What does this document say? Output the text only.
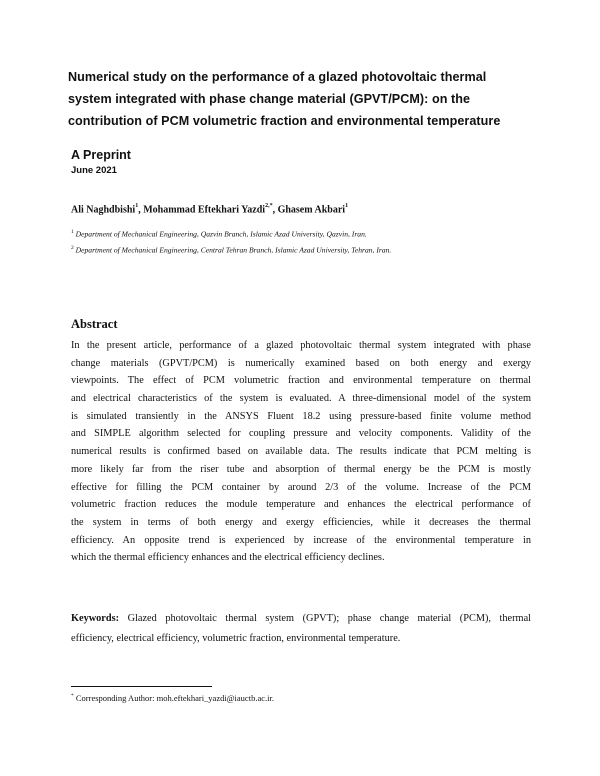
Numerical study on the performance of a glazed photovoltaic thermal
system integrated with phase change material (GPVT/PCM): on the
contribution of PCM volumetric fraction and environmental temperature
A Preprint
June 2021
Ali Naghdbishi$^1$, Mohammad Eftekhari Yazdi$^{2,*}$, Ghasem Akbari$^1$
$^1$ Department of Mechanical Engineering, Qazvin Branch, Islamic Azad University, Qazvin, Iran.
$^2$ Department of Mechanical Engineering, Central Tehran Branch, Islamic Azad University, Tehran, Iran.
Abstract
In the present article, performance of a glazed photovoltaic thermal system integrated with phase
change materials (GPVT/PCM) is numerically examined based on both energy and exergy
viewpoints. The effect of PCM volumetric fraction and environmental temperature on thermal
and electrical characteristics of the system is evaluated. A three-dimensional model of the system
is simulated transiently in the ANSYS Fluent 18.2 using pressure-based finite volume method
and SIMPLE algorithm selected for coupling pressure and velocity components. Validity of the
numerical results is confirmed based on available data. The results indicate that PCM melting is
more likely far from the riser tube and absorption of thermal energy be the PCM is mostly
effective for filling the PCM container by around 2/3 of the volume. Increase of the PCM
volumetric fraction reduces the module temperature and enhances the electrical performance of
the system in terms of both energy and exergy efficiencies, while it decreases the thermal
efficiency. An opposite trend is experienced by increase of the environmental temperature in
which the thermal efficiency enhances and the electrical efficiency declines.
Keywords: Glazed photovoltaic thermal system (GPVT); phase change material (PCM), thermal
efficiency, electrical efficiency, volumetric fraction, environmental temperature.
* Corresponding Author: moh.eftekhari_yazdi@iauctb.ac.ir.
